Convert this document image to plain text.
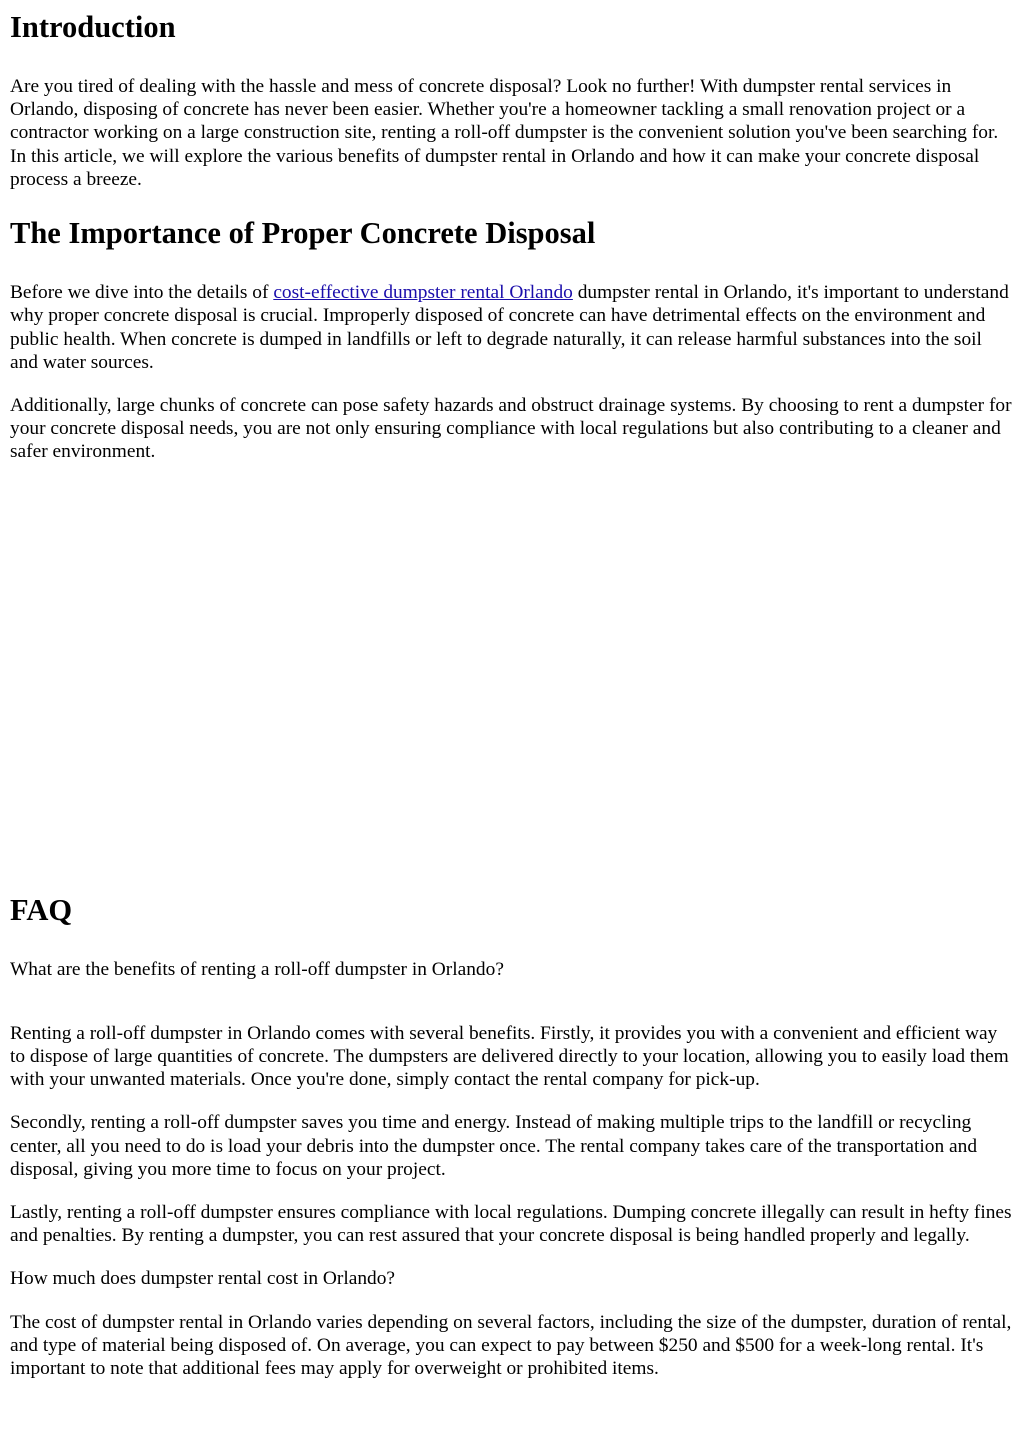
Introduction

Are you tired of dealing with the hassle and mess of concrete disposal? Look no further! With dumpster rental services in Orlando, disposing of concrete has never been easier. Whether you're a homeowner tackling a small renovation project or a contractor working on a large construction site, renting a roll-off dumpster is the convenient solution you've been searching for. In this article, we will explore the various benefits of dumpster rental in Orlando and how it can make your concrete disposal process a breeze.

The Importance of Proper Concrete Disposal

Before we dive into the details of cost-effective dumpster rental Orlando dumpster rental in Orlando, it's important to understand why proper concrete disposal is crucial. Improperly disposed of concrete can have detrimental effects on the environment and public health. When concrete is dumped in landfills or left to degrade naturally, it can release harmful substances into the soil and water sources.

Additionally, large chunks of concrete can pose safety hazards and obstruct drainage systems. By choosing to rent a dumpster for your concrete disposal needs, you are not only ensuring compliance with local regulations but also contributing to a cleaner and safer environment.

FAQ

What are the benefits of renting a roll-off dumpster in Orlando?

Renting a roll-off dumpster in Orlando comes with several benefits. Firstly, it provides you with a convenient and efficient way to dispose of large quantities of concrete. The dumpsters are delivered directly to your location, allowing you to easily load them with your unwanted materials. Once you're done, simply contact the rental company for pick-up.

Secondly, renting a roll-off dumpster saves you time and energy. Instead of making multiple trips to the landfill or recycling center, all you need to do is load your debris into the dumpster once. The rental company takes care of the transportation and disposal, giving you more time to focus on your project.

Lastly, renting a roll-off dumpster ensures compliance with local regulations. Dumping concrete illegally can result in hefty fines and penalties. By renting a dumpster, you can rest assured that your concrete disposal is being handled properly and legally.

How much does dumpster rental cost in Orlando?

The cost of dumpster rental in Orlando varies depending on several factors, including the size of the dumpster, duration of rental, and type of material being disposed of. On average, you can expect to pay between $250 and $500 for a week-long rental. It's important to note that additional fees may apply for overweight or prohibited items.
